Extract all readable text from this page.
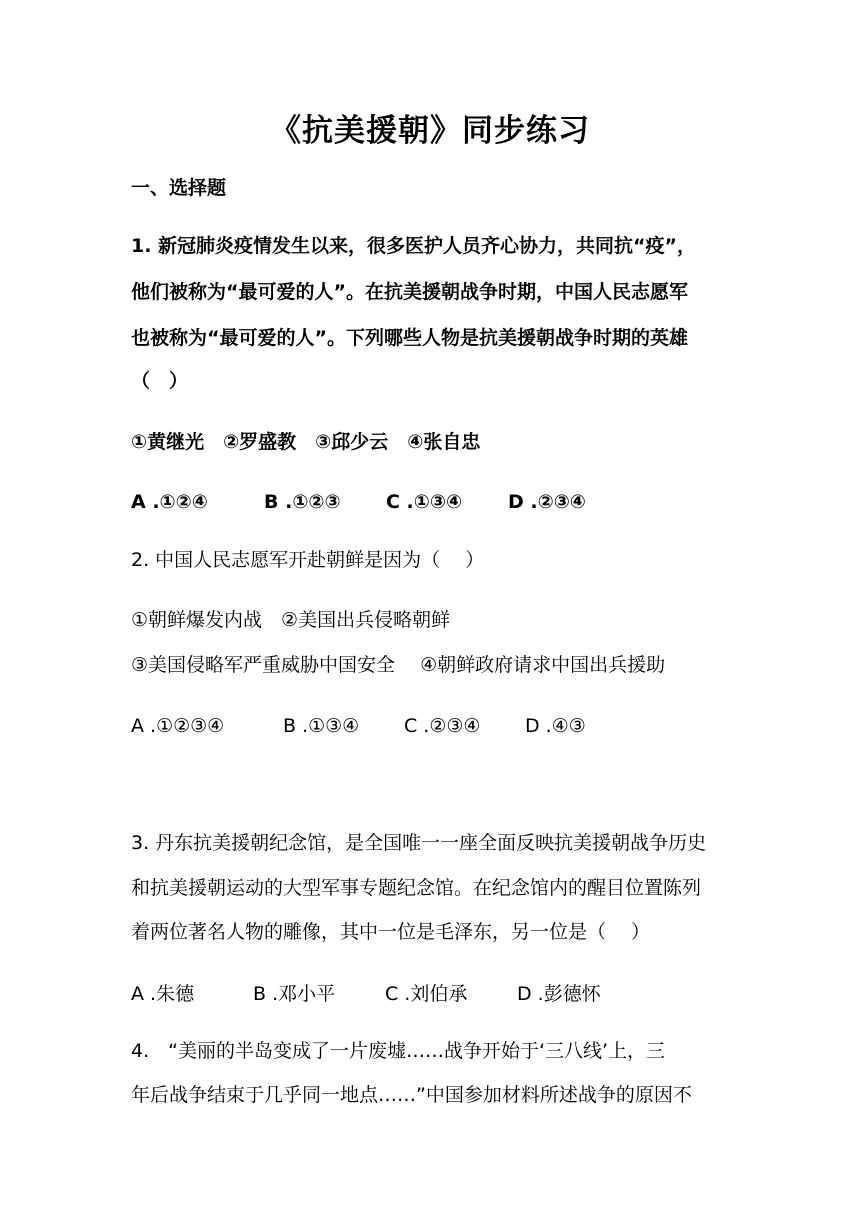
《抗美援朝》同步练习
一、选择题
1. 新冠肺炎疫情发生以来，很多医护人员齐心协力，共同抗“疫”，
他们被称为“最可爱的人”。在抗美援朝战争时期，中国人民志愿军
也被称为“最可爱的人”。下列哪些人物是抗美援朝战争时期的英雄
（　）
①黄继光　②罗盛教　③邱少云　④张自忠
A .①②④	B .①②③ C .①③④ D .②③④
2. 中国人民志愿军开赴朝鲜是因为（　 ）
①朝鲜爆发内战　②美国出兵侵略朝鲜
③美国侵略军严重威胁中国安全　 ④朝鲜政府请求中国出兵援助
A .①②③④	B .①③④ C .②③④ D .④③
3. 丹东抗美援朝纪念馆，是全国唯一一座全面反映抗美援朝战争历史
和抗美援朝运动的大型军事专题纪念馆。在纪念馆内的醒目位置陈列
着两位著名人物的雕像，其中一位是毛泽东，另一位是（　 ）
A .朱德	B .邓小平	C .刘伯承	D .彭德怀
4.　“美丽的半岛变成了一片废墟……战争开始于‘三八线’上，三
年后战争结束于几乎同一地点……”中国参加材料所述战争的原因不
